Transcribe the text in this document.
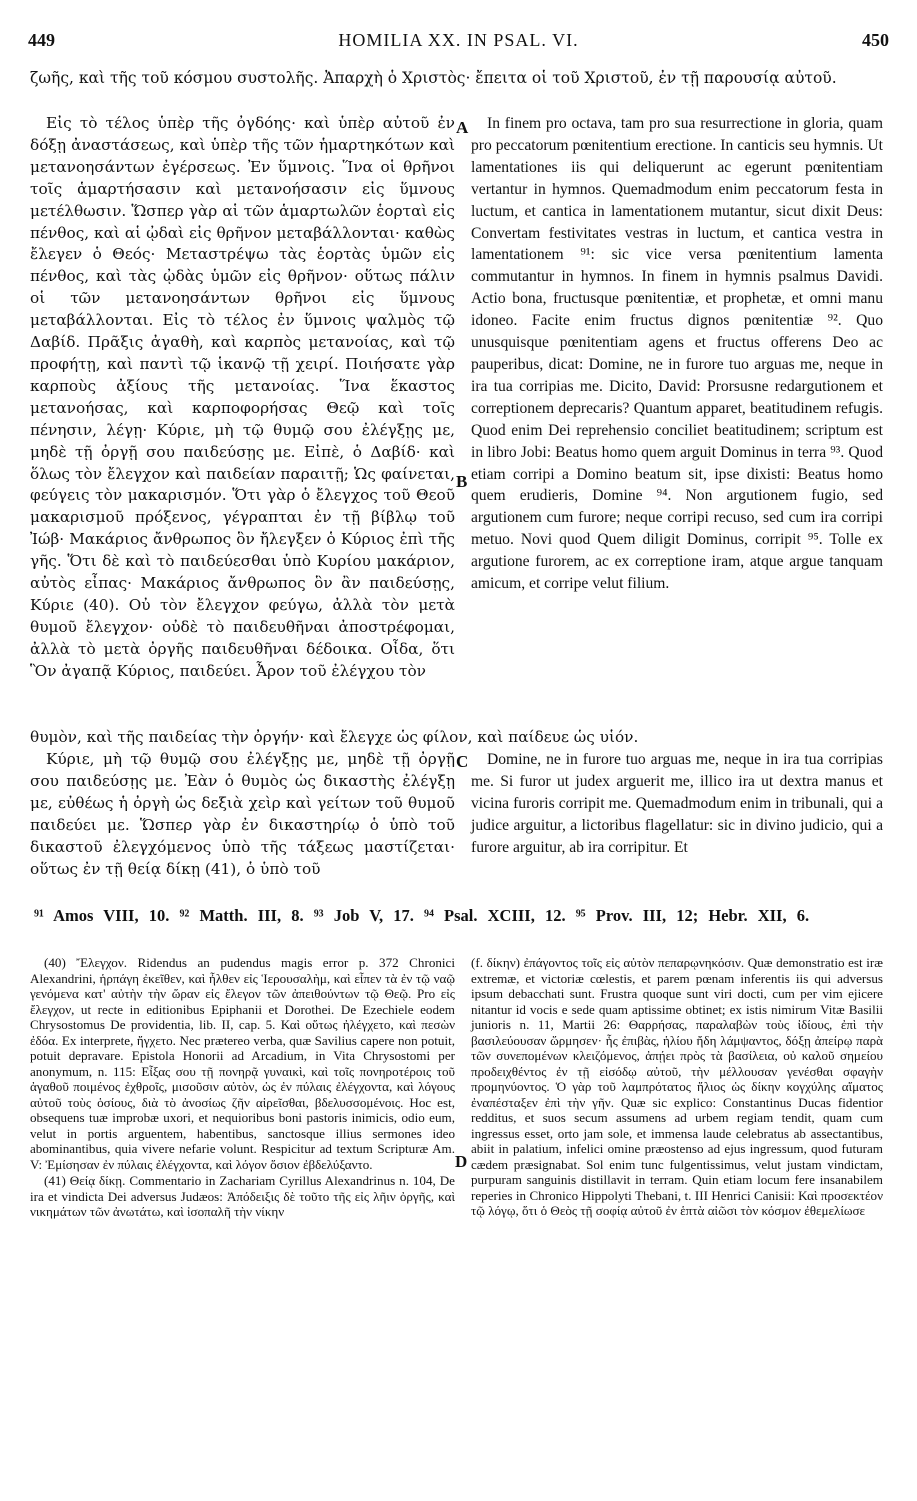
449	HOMILIA XX. IN PSAL. VI.	450
ζωῆς, καὶ τῆς τοῦ κόσμου συστολῆς. Ἀπαρχὴ ὁ Χριστὸς· ἔπειτα οἱ τοῦ Χριστοῦ, ἐν τῇ παρουσίᾳ αὐτοῦ.

Εἰς τὸ τέλος ὑπὲρ τῆς ὀγδόης· καὶ ὑπὲρ αὐτοῦ ἐν δόξῃ ἀναστάσεως, καὶ ὑπὲρ τῆς τῶν ἡμαρτηκότων καὶ μετανοησάντων ἐγέρσεως. Ἐν ὕμνοις. Ἵνα οἱ θρῆνοι τοῖς ἁμαρτήσασιν καὶ μετανοήσασιν εἰς ὕμνους μετέλθωσιν. Ὥσπερ γὰρ αἱ τῶν ἁμαρτωλῶν ἑορταὶ εἰς πένθος, καὶ αἱ ᾠδαὶ εἰς θρῆνον μεταβάλλονται· καθὼς ἔλεγεν ὁ Θεός· Μεταστρέψω τὰς ἑορτὰς ὑμῶν εἰς πένθος, καὶ τὰς ᾠδὰς ὑμῶν εἰς θρῆνον· οὕτως πάλιν οἱ τῶν μετανοησάντων θρῆνοι εἰς ὕμνους μεταβάλλονται. Εἰς τὸ τέλος ἐν ὕμνοις ψαλμὸς τῷ Δαβίδ. Πρᾶξις ἀγαθὴ, καὶ καρπὸς μετανοίας, καὶ τῷ προφήτῃ, καὶ παντὶ τῷ ἱκανῷ τῇ χειρί. Ποιήσατε γὰρ καρποὺς ἀξίους τῆς μετανοίας. Ἵνα ἕκαστος μετανοήσας, καὶ καρποφορήσας Θεῷ καὶ τοῖς πένησιν, λέγῃ· Κύριε, μὴ τῷ θυμῷ σου ἐλέγξῃς με, μηδὲ τῇ ὀργῇ σου παιδεύσῃς με. Εἰπὲ, ὁ Δαβίδ· καὶ ὅλως τὸν ἔλεγχον καὶ παιδείαν παραιτῇ; Ὡς φαίνεται, φεύγεις τὸν μακαρισμόν. Ὅτι γὰρ ὁ ἔλεγχος τοῦ Θεοῦ μακαρισμοῦ πρόξενος, γέγραπται ἐν τῇ βίβλῳ τοῦ Ἰώβ· Μακάριος ἄνθρωπος ὃν ἤλεγξεν ὁ Κύριος ἐπὶ τῆς γῆς. Ὅτι δὲ καὶ τὸ παιδεύεσθαι ὑπὸ Κυρίου μακάριον, αὐτὸς εἶπας· Μακάριος ἄνθρωπος ὃν ἂν παιδεύσῃς, Κύριε (40). Οὐ τὸν ἔλεγχον φεύγω, ἀλλὰ τὸν μετὰ θυμοῦ ἔλεγχον· οὐδὲ τὸ παιδευθῆναι ἀποστρέφομαι, ἀλλὰ τὸ μετὰ ὀργῆς παιδευθῆναι δέδοικα. Οἶδα, ὅτι Ὃν ἀγαπᾷ Κύριος, παιδεύει. Ἆρον τοῦ ἐλέγχου τὸν

In finem pro octava, tam pro sua resurrectione in gloria, quam pro peccatorum pœnitentium erectione. In canticis seu hymnis. Ut lamentationes iis qui deliquerunt ac egerunt pœnitentiam vertantur in hymnos. Quemadmodum enim peccatorum festa in luctum, et cantica in lamentationem mutantur, sicut dixit Deus: Convertam festivitates vestras in luctum, et cantica vestra in lamentationem ⁹¹: sic vice versa pœnitentium lamenta commutantur in hymnos. In finem in hymnis psalmus Davidi. Actio bona, fructusque pœnitentiæ, et prophetæ, et omni manu idoneo. Facite enim fructus dignos pœnitentiæ ⁹². Quo unusquisque pœnitentiam agens et fructus offerens Deo ac pauperibus, dicat: Domine, ne in furore tuo arguas me, neque in ira tua corripias me. Dicito, David: Prorsusne redargutionem et correptionem deprecaris? Quantum apparet, beatitudinem refugis. Quod enim Dei reprehensio conciliet beatitudinem; scriptum est in libro Jobi: Beatus homo quem arguit Dominus in terra ⁹³. Quod etiam corripi a Domino beatum sit, ipse dixisti: Beatus homo quem erudieris, Domine ⁹⁴. Non argutionem fugio, sed argutionem cum furore; neque corripi recuso, sed cum ira corripi metuo. Novi quod Quem diligit Dominus, corripit ⁹⁵. Tolle ex argutione furorem, ac ex correptione iram, atque argue tanquam amicum, et corripe velut filium.

θυμὸν, καὶ τῆς παιδείας τὴν ὀργήν· καὶ ἔλεγχε ὡς φίλον, καὶ παίδευε ὡς υἱόν.

Κύριε, μὴ τῷ θυμῷ σου ἐλέγξῃς με, μηδὲ τῇ ὀργῇ σου παιδεύσῃς με. Ἐὰν ὁ θυμὸς ὡς δικαστὴς ἐλέγξῃ με, εὐθέως ἡ ὀργὴ ὡς δεξιὰ χεὶρ καὶ γείτων τοῦ θυμοῦ παιδεύει με. Ὥσπερ γὰρ ἐν δικαστηρίῳ ὁ ὑπὸ τοῦ δικαστοῦ ἐλεγχόμενος ὑπὸ τῆς τάξεως μαστίζεται· οὕτως ἐν τῇ θείᾳ δίκῃ (41), ὁ ὑπὸ τοῦ

Domine, ne in furore tuo arguas me, neque in ira tua corripias me. Si furor ut judex arguerit me, illico ira ut dextra manus et vicina furoris corripit me. Quemadmodum enim in tribunali, qui a judice arguitur, a lictoribus flagellatur: sic in divino judicio, qui a furore arguitur, ab ira corripitur. Et

A
B
C
D
⁹¹ Amos VIII, 10. ⁹² Matth. III, 8. ⁹³ Job V, 17. ⁹⁴ Psal. XCIII, 12. ⁹⁵ Prov. III, 12; Hebr. XII, 6.

(40) Ἔλεγχον. Ridendus an pudendus magis error p. 372 Chronici Alexandrini, ἡρπάγη ἐκεῖθεν, καὶ ἦλθεν εἰς Ἱερουσαλὴμ, καὶ εἶπεν τὰ ἐν τῷ ναῷ γενόμενα κατ' αὐτὴν τὴν ὥραν εἰς ἔλεγον τῶν ἀπειθούντων τῷ Θεῷ. Pro εἰς ἔλεγχον, ut recte in editionibus Epiphanii et Dorothei. De Ezechiele eodem Chrysostomus De providentia, lib. II, cap. 5. Καὶ οὕτως ἠλέγχετο, καὶ πεσὼν ἐδόα. Ex interprete, ἤγχετο. Nec prætereo verba, quæ Savilius capere non potuit, potuit depravare. Epistola Honorii ad Arcadium, in Vita Chrysostomi per anonymum, n. 115: Εἶξας σου τῇ πονηρᾷ γυναικὶ, καὶ τοῖς πονηροτέροις τοῦ ἀγαθοῦ ποιμένος ἐχθροῖς, μισοῦσιν αὐτὸν, ὡς ἐν πύλαις ἐλέγχοντα, καὶ λόγους αὐτοῦ τοὺς ὁσίους, διὰ τὸ ἀνοσίως ζῆν αἱρεῖσθαι, βδελυσσομένοις. Hoc est, obsequens tuæ improbæ uxori, et nequioribus boni pastoris inimicis, odio eum, velut in portis arguentem, habentibus, sanctosque illius sermones ideo abominantibus, quia vivere nefarie volunt. Respicitur ad textum Scripturæ Am. V: Ἐμίσησαν ἐν πύλαις ἐλέγχοντα, καὶ λόγον ὅσιον ἐβδελύξαντο.

(41) Θείᾳ δίκῃ. Commentario in Zachariam Cyrillus Alexandrinus n. 104, De ira et vindicta Dei adversus Judæos: Ἀπόδειξις δὲ τοῦτο τῆς εἰς λῆιν ὀργῆς, καὶ νικημάτων τῶν ἀνωτάτω, καὶ ἰσοπαλῆ τὴν νίκην

(f. δίκην) ἐπάγοντος τοῖς εἰς αὐτὸν πεπαρῳνηκόσιν. Quæ demonstratio est iræ extremæ, et victoriæ cœlestis, et parem pœnam inferentis iis qui adversus ipsum debacchati sunt. Frustra quoque sunt viri docti, cum per vim ejicere nitantur id vocis e sede quam aptissime obtinet; ex istis nimirum Vitæ Basilii junioris n. 11, Martii 26: Θαρρήσας, παραλαβὼν τοὺς ἰδίους, ἐπὶ τὴν βασιλεύουσαν ὥρμησεν· ἧς ἐπιβὰς, ἡλίου ἤδη λάμψαντος, δόξῃ ἀπείρῳ παρὰ τῶν συνεπομένων κλειζόμενος, ἀπῄει πρὸς τὰ βασίλεια, οὐ καλοῦ σημείου προδειχθέντος ἐν τῇ εἰσόδῳ αὐτοῦ, τὴν μέλλουσαν γενέσθαι σφαγὴν προμηνύοντος. Ὁ γὰρ τοῦ λαμπρότατος ἥλιος ὡς δίκην κογχύλης αἵματος ἐναπέσταξεν ἐπὶ τὴν γῆν. Quæ sic explico: Constantinus Ducas fidentior redditus, et suos secum assumens ad urbem regiam tendit, quam cum ingressus esset, orto jam sole, et immensa laude celebratus ab assectantibus, abiit in palatium, infelici omine præostenso ad ejus ingressum, quod futuram cædem præsignabat. Sol enim tunc fulgentissimus, velut justam vindictam, purpuram sanguinis distillavit in terram. Quin etiam locum fere insanabilem reperies in Chronico Hippolyti Thebani, t. III Henrici Canisii: Καὶ προσεκτέον τῷ λόγῳ, ὅτι ὁ Θεὸς τῇ σοφίᾳ αὐτοῦ ἐν ἑπτὰ αἰῶσι τὸν κόσμον ἐθεμελίωσε
